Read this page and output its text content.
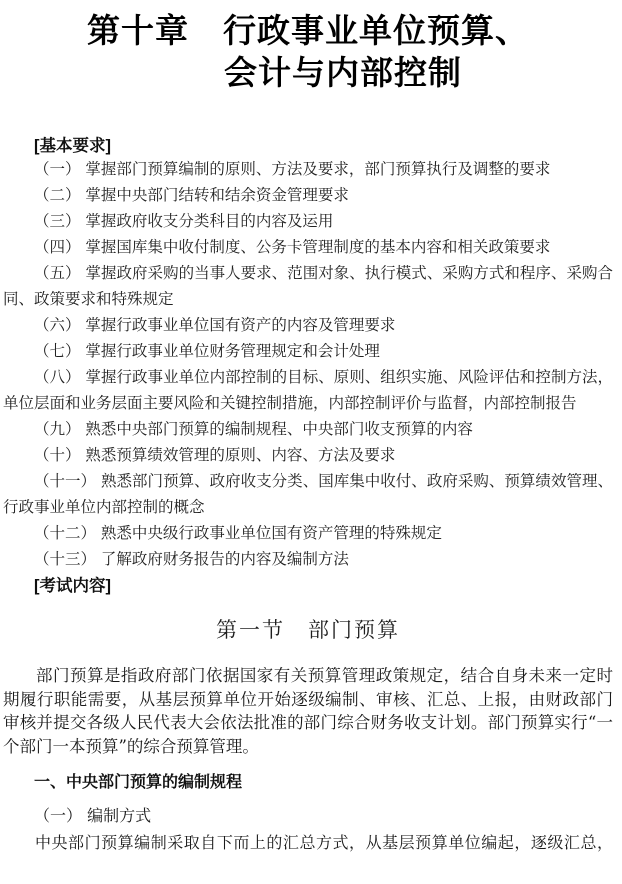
第十章　行政事业单位预算、
会计与内部控制
[基本要求]

（一） 掌握部门预算编制的原则、方法及要求，部门预算执行及调整的要求

（二） 掌握中央部门结转和结余资金管理要求

（三） 掌握政府收支分类科目的内容及运用

（四） 掌握国库集中收付制度、公务卡管理制度的基本内容和相关政策要求

（五） 掌握政府采购的当事人要求、范围对象、执行模式、采购方式和程序、采购合同、政策要求和特殊规定

（六） 掌握行政事业单位国有资产的内容及管理要求

（七） 掌握行政事业单位财务管理规定和会计处理

（八） 掌握行政事业单位内部控制的目标、原则、组织实施、风险评估和控制方法，单位层面和业务层面主要风险和关键控制措施，内部控制评价与监督，内部控制报告

（九） 熟悉中央部门预算的编制规程、中央部门收支预算的内容

（十） 熟悉预算绩效管理的原则、内容、方法及要求

（十一） 熟悉部门预算、政府收支分类、国库集中收付、政府采购、预算绩效管理、行政事业单位内部控制的概念

（十二） 熟悉中央级行政事业单位国有资产管理的特殊规定

（十三） 了解政府财务报告的内容及编制方法

[考试内容]
第一节　部门预算

部门预算是指政府部门依据国家有关预算管理政策规定，结合自身未来一定时期履行职能需要，从基层预算单位开始逐级编制、审核、汇总、上报，由财政部门审核并提交各级人民代表大会依法批准的部门综合财务收支计划。部门预算实行“一个部门一本预算”的综合预算管理。

一、中央部门预算的编制规程

（一） 编制方式

中央部门预算编制采取自下而上的汇总方式，从基层预算单位编起，逐级汇总，
